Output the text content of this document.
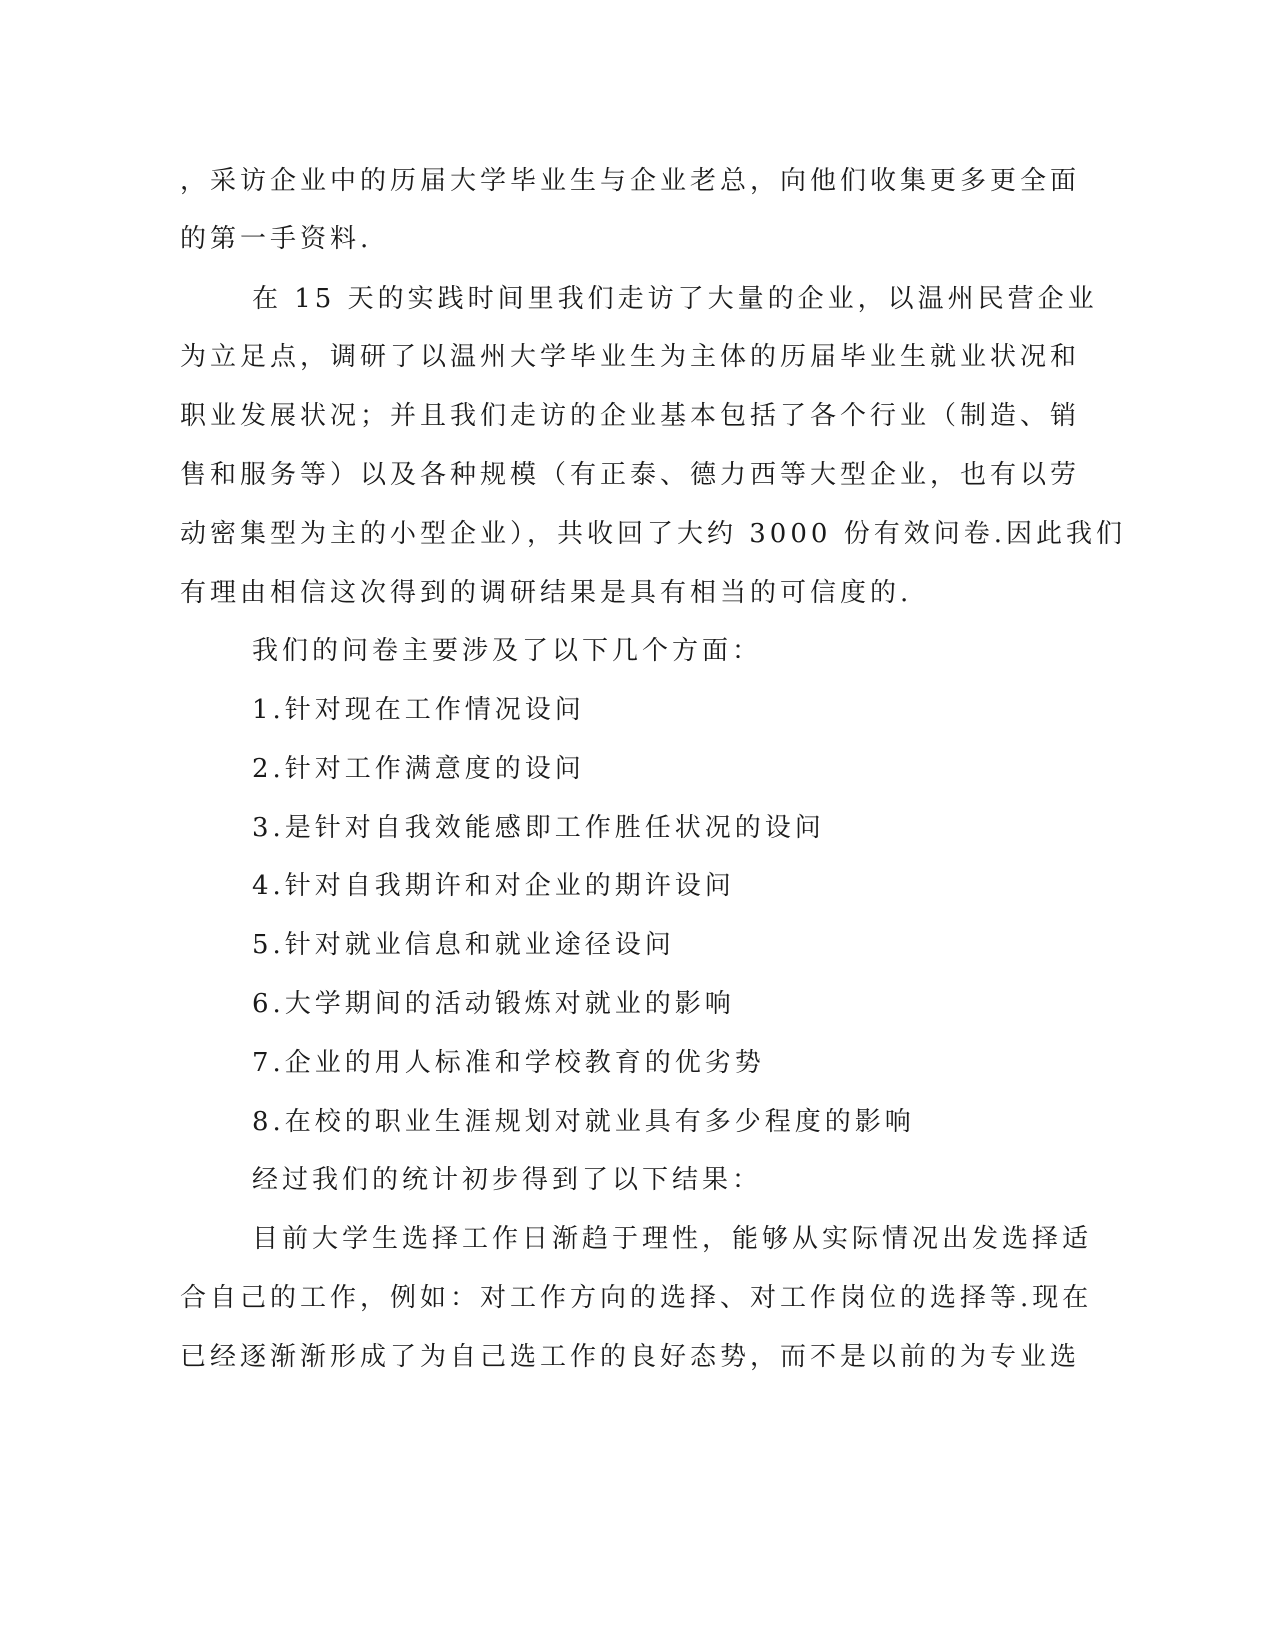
，采访企业中的历届大学毕业生与企业老总，向他们收集更多更全面
的第一手资料.
在 15 天的实践时间里我们走访了大量的企业，以温州民营企业
为立足点，调研了以温州大学毕业生为主体的历届毕业生就业状况和
职业发展状况；并且我们走访的企业基本包括了各个行业（制造、销
售和服务等）以及各种规模（有正泰、德力西等大型企业，也有以劳
动密集型为主的小型企业），共收回了大约 3000 份有效问卷.因此我们
有理由相信这次得到的调研结果是具有相当的可信度的.
我们的问卷主要涉及了以下几个方面：
1.针对现在工作情况设问
2.针对工作满意度的设问
3.是针对自我效能感即工作胜任状况的设问
4.针对自我期许和对企业的期许设问
5.针对就业信息和就业途径设问
6.大学期间的活动锻炼对就业的影响
7.企业的用人标准和学校教育的优劣势
8.在校的职业生涯规划对就业具有多少程度的影响
经过我们的统计初步得到了以下结果：
目前大学生选择工作日渐趋于理性，能够从实际情况出发选择适
合自己的工作，例如：对工作方向的选择、对工作岗位的选择等.现在
已经逐渐渐形成了为自己选工作的良好态势，而不是以前的为专业选
